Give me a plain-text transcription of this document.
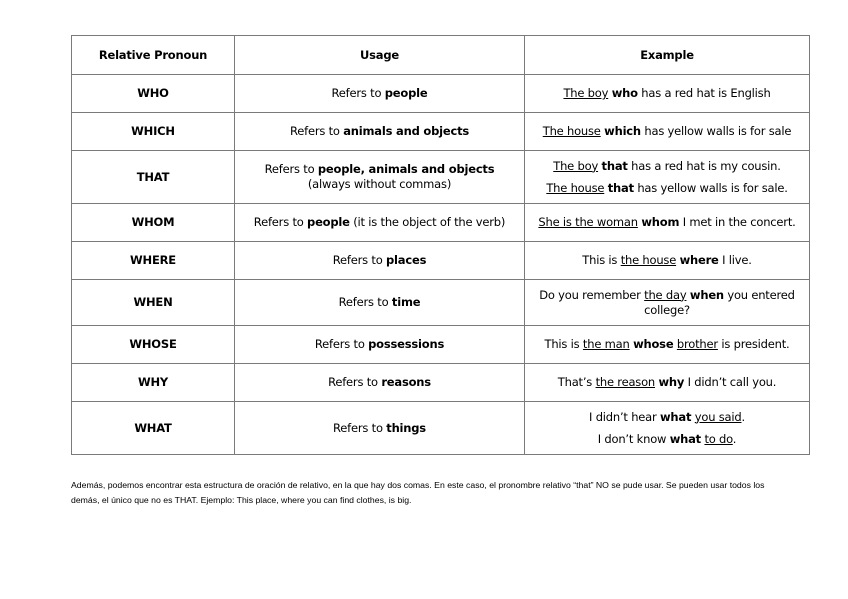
Relative Pronoun	Usage	Example
WHO	Refers to people	The boy who has a red hat is English

WHICH	Refers to animals and objects	The house which has yellow walls is for sale

THAT	Refers to people, animals and objects (always without commas)	The boy that has a red hat is my cousin.
The house that has yellow walls is for sale.

WHOM	Refers to people (it is the object of the verb)	She is the woman whom I met in the concert.

WHERE	Refers to places	This is the house where I live.

WHEN	Refers to time	Do you remember the day when you entered college?

WHOSE	Refers to possessions	This is the man whose brother is president.

WHY	Refers to reasons	That’s the reason why I didn’t call you.

WHAT	Refers to things	I didn’t hear what you said.
I don’t know what to do.

Además, podemos encontrar esta estructura de oración de relativo, en la que hay dos comas. En este caso, el pronombre relativo “that” NO se pude usar. Se pueden usar todos los demás, el único que no es THAT. Ejemplo: This place, where you can find clothes, is big.
